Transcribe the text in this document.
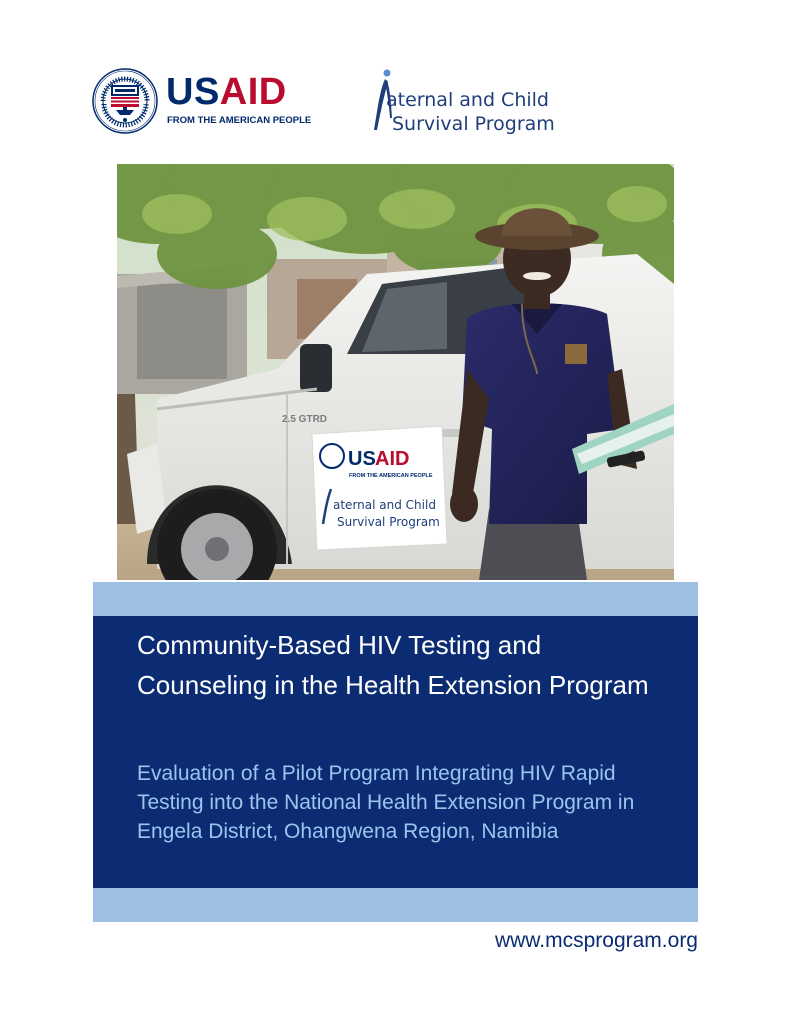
USAID
FROM THE AMERICAN PEOPLE
aternal and Child
Survival Program
2.5 GTRD
US AID
FROM THE AMERICAN PEOPLE
aternal and Child
Survival Program
Community-Based HIV Testing and Counseling in the Health Extension Program

Evaluation of a Pilot Program Integrating HIV Rapid Testing into the National Health Extension Program in Engela District, Ohangwena Region, Namibia

www.mcsprogram.org
